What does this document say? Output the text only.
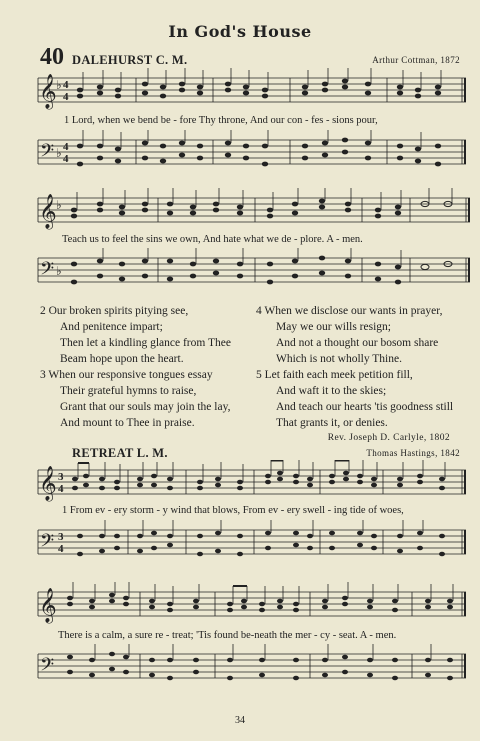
In God's House
40 DALEHURST C. M.	Arthur Cottman, 1872
𝄞 ♭ 4
4
1 Lord, when we bend be - fore Thy throne, And our con - fes - sions pour,
𝄢 ♭ 4
4
𝄞 ♭
Teach us to feel the sins we own, And hate what we de - plore. A - men.
𝄢 ♭
2 Our broken spirits pitying see,
And penitence impart;
Then let a kindling glance from Thee
Beam hope upon the heart.
3 When our responsive tongues essay
Their grateful hymns to raise,
Grant that our souls may join the lay,
And mount to Thee in praise.
4 When we disclose our wants in prayer,
May we our wills resign;
And not a thought our bosom share
Which is not wholly Thine.
5 Let faith each meek petition fill,
And waft it to the skies;
And teach our hearts 'tis goodness still
That grants it, or denies.
Rev. Joseph D. Carlyle, 1802
RETREAT L. M.	Thomas Hastings, 1842
𝄞 3
4
1 From ev - ery storm - y wind that blows, From ev - ery swell - ing tide of woes,
𝄢 3
4
𝄞
There is a calm, a sure re - treat; 'Tis found be-neath the mer - cy - seat. A - men.
𝄢
34
